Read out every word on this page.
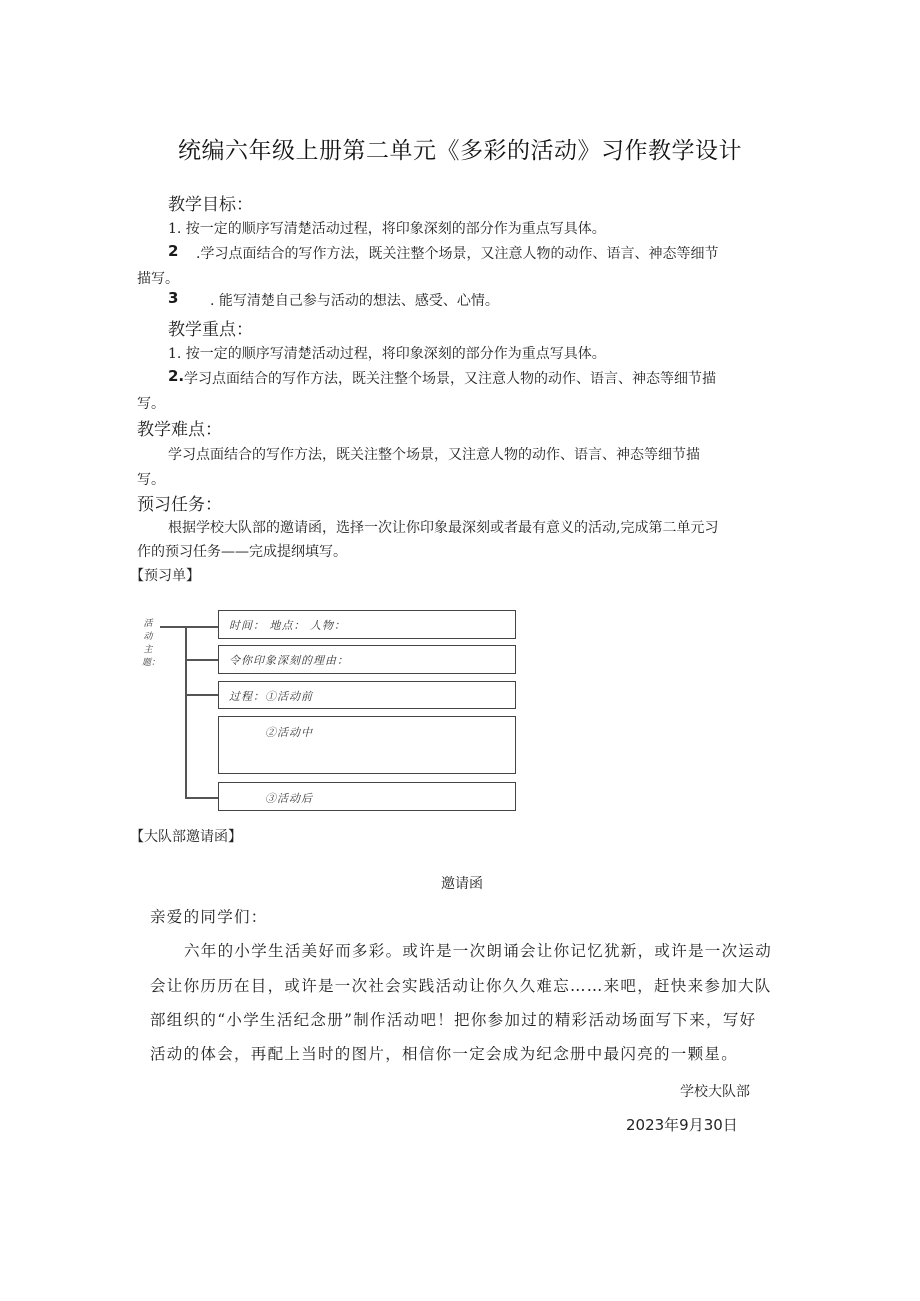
统编六年级上册第二单元《多彩的活动》习作教学设计
教学目标：
1. 按一定的顺序写清楚活动过程，将印象深刻的部分作为重点写具体。
2 .学习点面结合的写作方法，既关注整个场景，又注意人物的动作、语言、神态等细节
描写。
3 . 能写清楚自己参与活动的想法、感受、心情。
教学重点：
1. 按一定的顺序写清楚活动过程，将印象深刻的部分作为重点写具体。
2. 学习点面结合的写作方法，既关注整个场景，又注意人物的动作、语言、神态等细节描
写。
教学难点：
学习点面结合的写作方法，既关注整个场景，又注意人物的动作、语言、神态等细节描
写。
预习任务：
根据学校大队部的邀请函，选择一次让你印象最深刻或者最有意义的活动,完成第二单元习
作的预习任务——完成提纲填写。
【预习单】
活动主题：
时间： 地点： 人物：
令你印象深刻的理由：
过程：①活动前
②活动中
③活动后
【大队部邀请函】
邀请函
亲爱的同学们：
六年的小学生活美好而多彩。或许是一次朗诵会让你记忆犹新，或许是一次运动
会让你历历在目，或许是一次社会实践活动让你久久难忘……来吧，赶快来参加大队
部组织的“小学生活纪念册”制作活动吧！把你参加过的精彩活动场面写下来，写好
活动的体会，再配上当时的图片，相信你一定会成为纪念册中最闪亮的一颗星。
学校大队部
2023年9月30日
